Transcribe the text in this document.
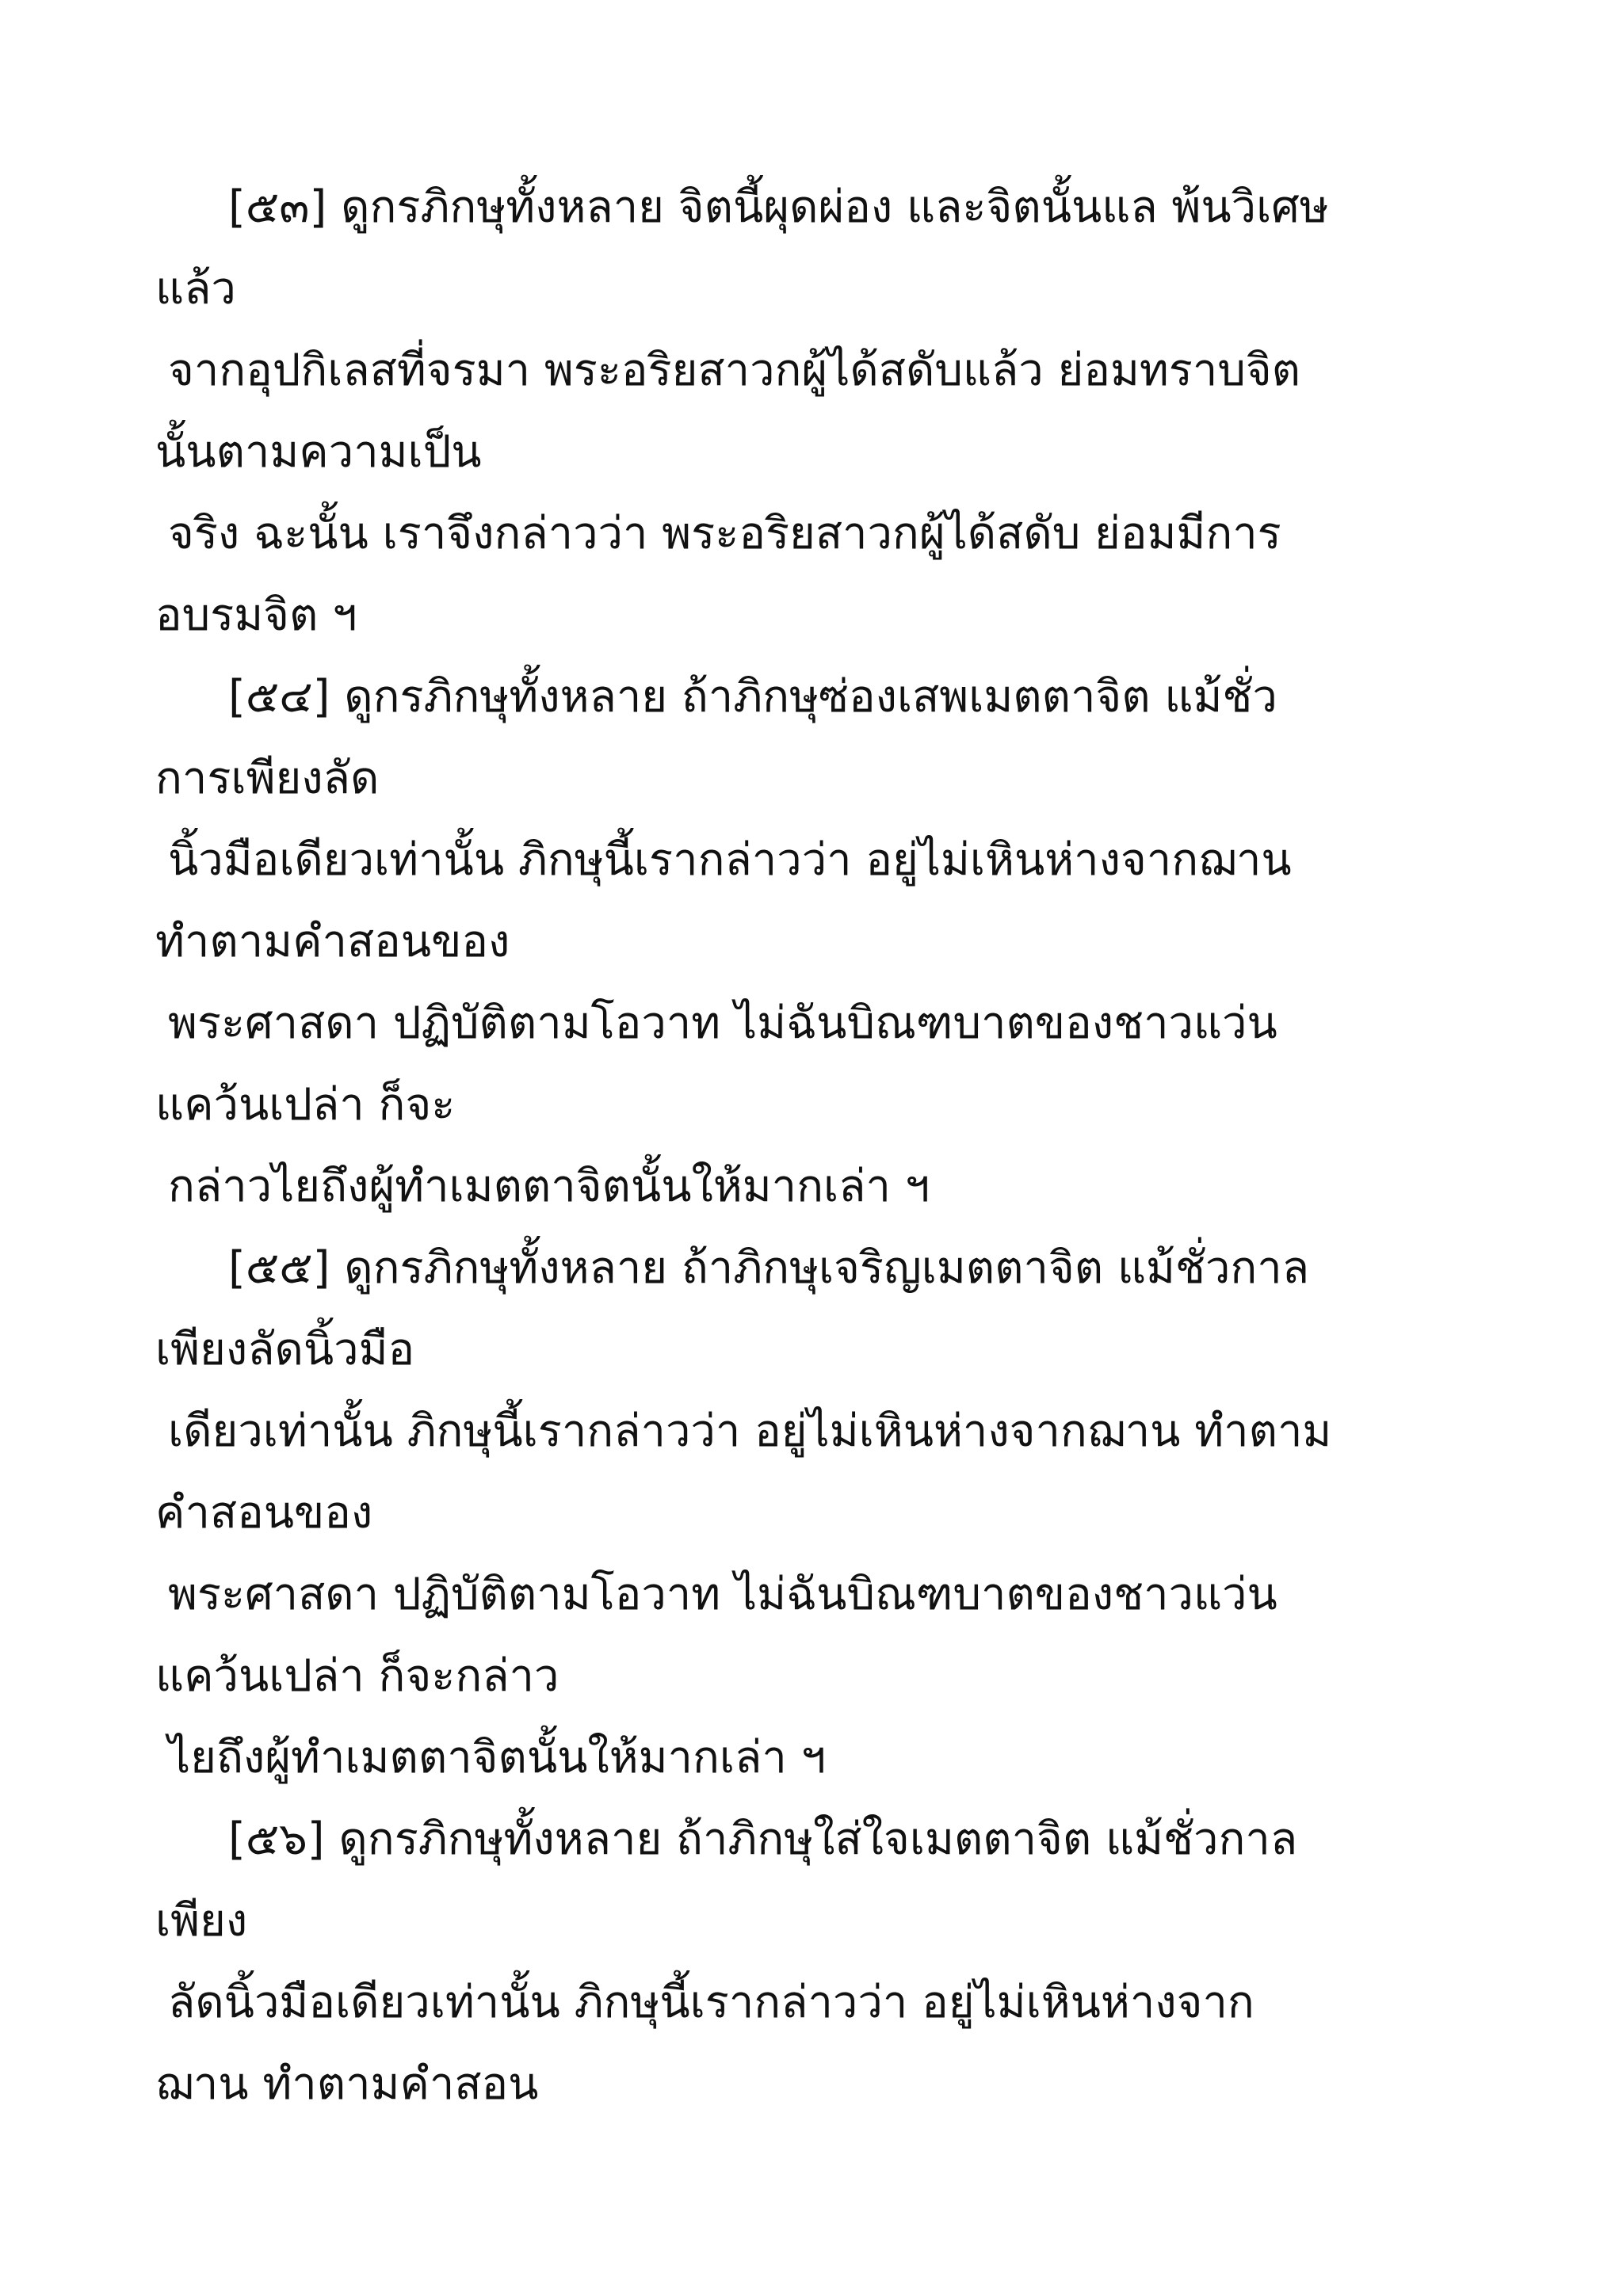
[๕๓] ดูกรภิกษุทั้งหลาย จิตนี้ผุดผ่อง และจิตนั้นแล พ้นวิเศษ
แล้ว
จากอุปกิเลสที่จรมา พระอริยสาวกผู้ได้สดับแล้ว ย่อมทราบจิต
นั้นตามความเป็น
จริง ฉะนั้น เราจึงกล่าวว่า พระอริยสาวกผู้ได้สดับ ย่อมมีการ
อบรมจิต ฯ
[๕๔] ดูกรภิกษุทั้งหลาย ถ้าภิกษุซ่องเสพเมตตาจิต แม้ชั่ว
การเพียงลัด
นิ้วมือเดียวเท่านั้น ภิกษุนี้เรากล่าวว่า อยู่ไม่เหินห่างจากฌาน
ทำตามคำสอนของ
พระศาสดา ปฏิบัติตามโอวาท ไม่ฉันบิณฑบาตของชาวแว่น
แคว้นเปล่า ก็จะ
กล่าวไยถึงผู้ทำเมตตาจิตนั้นให้มากเล่า ฯ
[๕๕] ดูกรภิกษุทั้งหลาย ถ้าภิกษุเจริญเมตตาจิต แม้ชั่วกาล
เพียงลัดนิ้วมือ
เดียวเท่านั้น ภิกษุนี้เรากล่าวว่า อยู่ไม่เหินห่างจากฌาน ทำตาม
คำสอนของ
พระศาสดา ปฏิบัติตามโอวาท ไม่ฉันบิณฑบาตของชาวแว่น
แคว้นเปล่า ก็จะกล่าว
ไยถึงผู้ทำเมตตาจิตนั้นให้มากเล่า ฯ
[๕๖] ดูกรภิกษุทั้งหลาย ถ้าภิกษุใส่ใจเมตตาจิต แม้ชั่วกาล
เพียง
ลัดนิ้วมือเดียวเท่านั้น ภิกษุนี้เรากล่าวว่า อยู่ไม่เหินห่างจาก
ฌาน ทำตามคำสอน
